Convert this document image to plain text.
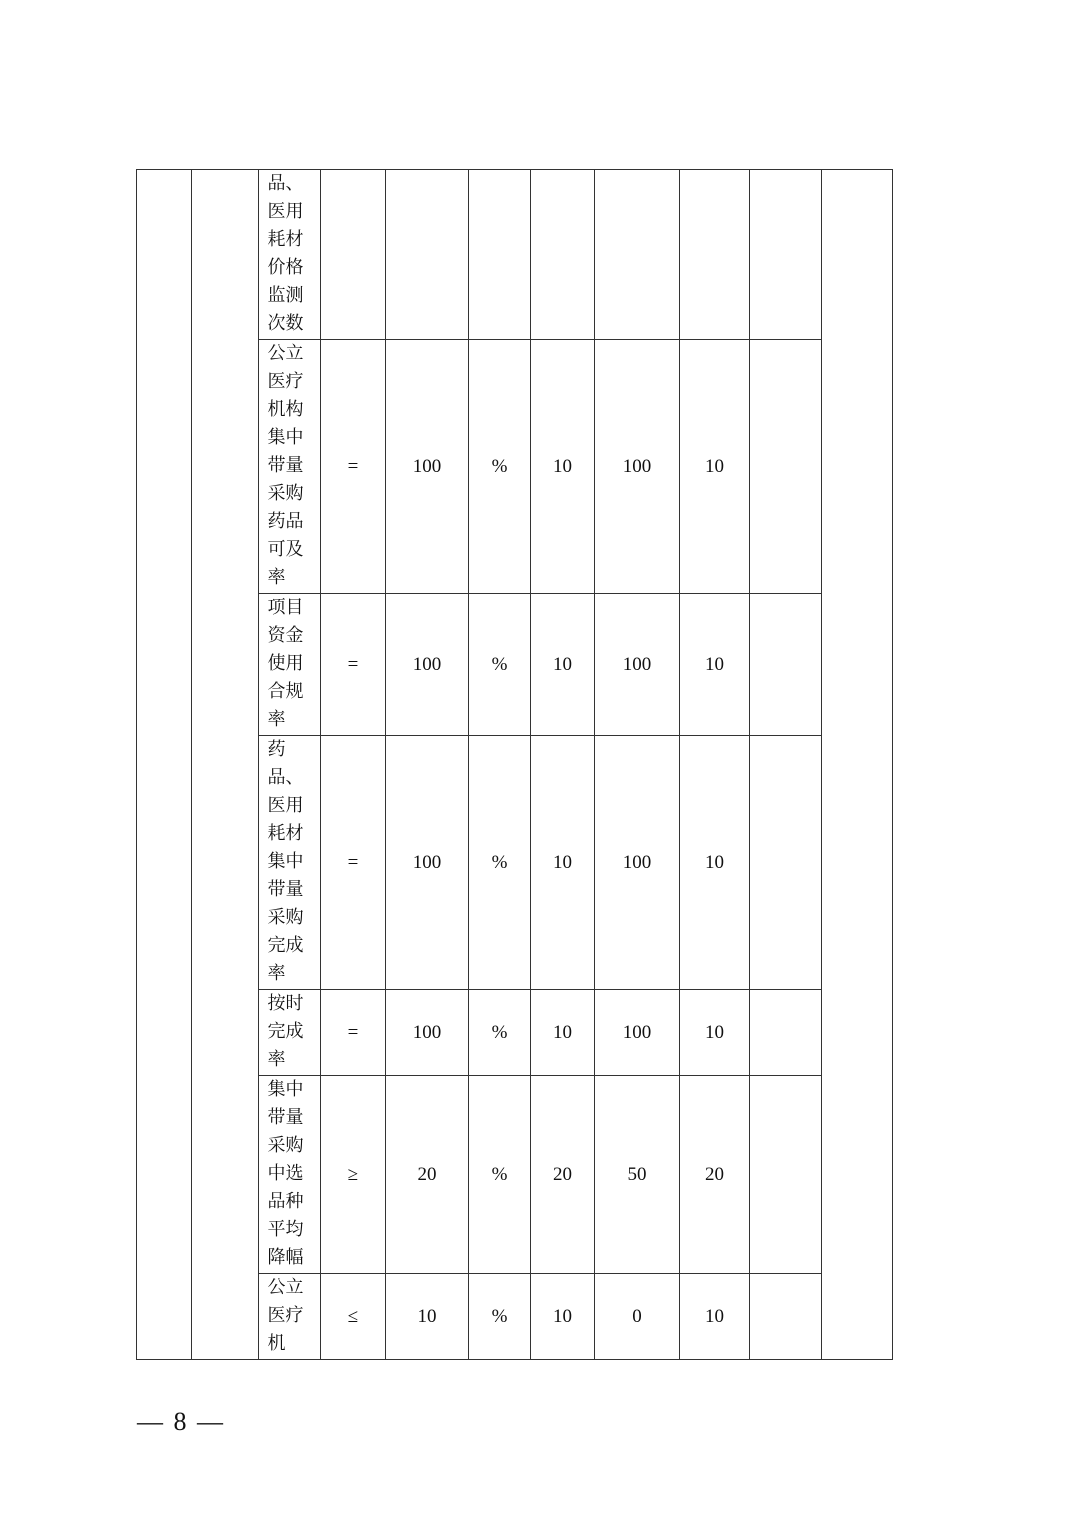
		品、医用耗材价格监测次数								

		公立医疗机构集中带量采购药品可及率	=	100	%	10	100	10		

		项目资金使用合规率	=	100	%	10	100	10		

		药品、医用耗材集中带量采购完成率	=	100	%	10	100	10		

		按时完成率	=	100	%	10	100	10		

		集中带量采购中选品种平均降幅	≥	20	%	20	50	20		

		公立医疗机	≤	10	%	10	0	10		
— 8 —
